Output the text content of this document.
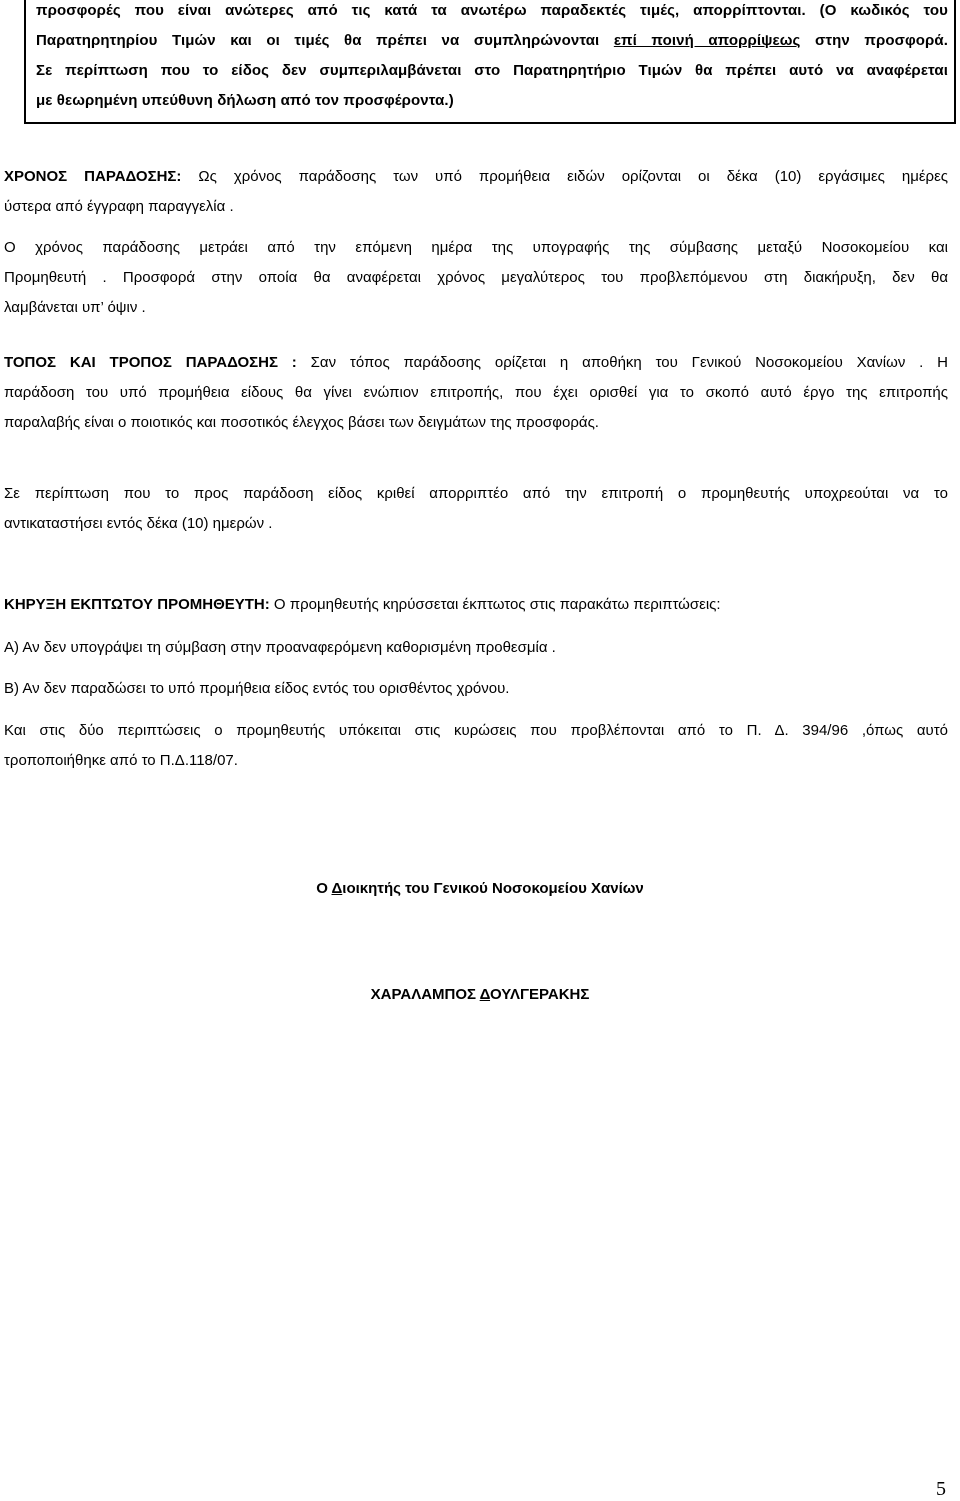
προσφορές που είναι ανώτερες από τις κατά τα ανωτέρω παραδεκτές τιμές, απορρίπτονται. (Ο κωδικός του
Παρατηρητηρίου Τιμών και οι τιμές θα πρέπει να συμπληρώνονται επί ποινή απορρίψεως στην προσφορά.
Σε περίπτωση που το είδος δεν συμπεριλαμβάνεται στο Παρατηρητήριο Τιμών θα πρέπει αυτό να αναφέρεται
με θεωρημένη υπεύθυνη δήλωση από τον προσφέροντα.)
ΧΡΟΝΟΣ ΠΑΡΑΔΟΣΗΣ: Ως χρόνος παράδοσης των υπό προμήθεια ειδών ορίζονται οι δέκα (10) εργάσιμες ημέρες
ύστερα από έγγραφη παραγγελία .
Ο χρόνος παράδοσης μετράει από την επόμενη ημέρα της υπογραφής της σύμβασης μεταξύ Νοσοκομείου και
Προμηθευτή . Προσφορά στην οποία θα αναφέρεται χρόνος μεγαλύτερος του προβλεπόμενου στη διακήρυξη, δεν θα
λαμβάνεται υπ’ όψιν .
ΤΟΠΟΣ ΚΑΙ ΤΡΟΠΟΣ ΠΑΡΑΔΟΣΗΣ : Σαν τόπος παράδοσης ορίζεται η αποθήκη του Γενικού Νοσοκομείου Χανίων . Η
παράδοση του υπό προμήθεια είδους θα γίνει ενώπιον επιτροπής, που έχει ορισθεί για το σκοπό αυτό έργο της επιτροπής
παραλαβής είναι ο ποιοτικός και ποσοτικός έλεγχος βάσει των δειγμάτων της προσφοράς.
Σε περίπτωση που το προς παράδοση είδος κριθεί απορριπτέο από την επιτροπή ο προμηθευτής υποχρεούται να το
αντικαταστήσει εντός δέκα (10) ημερών .
ΚΗΡΥΞΗ ΕΚΠΤΩΤΟΥ ΠΡΟΜΗΘΕΥΤΗ: Ο προμηθευτής κηρύσσεται έκπτωτος στις παρακάτω περιπτώσεις:
Α) Αν δεν υπογράψει τη σύμβαση στην προαναφερόμενη καθορισμένη προθεσμία .
Β) Αν δεν παραδώσει το υπό προμήθεια είδος εντός του ορισθέντος χρόνου.
Και στις δύο περιπτώσεις ο προμηθευτής υπόκειται στις κυρώσεις που προβλέπονται από το Π. Δ. 394/96 ,όπως αυτό
τροποποιήθηκε από το Π.Δ.118/07.
Ο Διοικητής του Γενικού Νοσοκομείου Χανίων
ΧΑΡΑΛΑΜΠΟΣ ΔΟΥΛΓΕΡΑΚΗΣ
5
